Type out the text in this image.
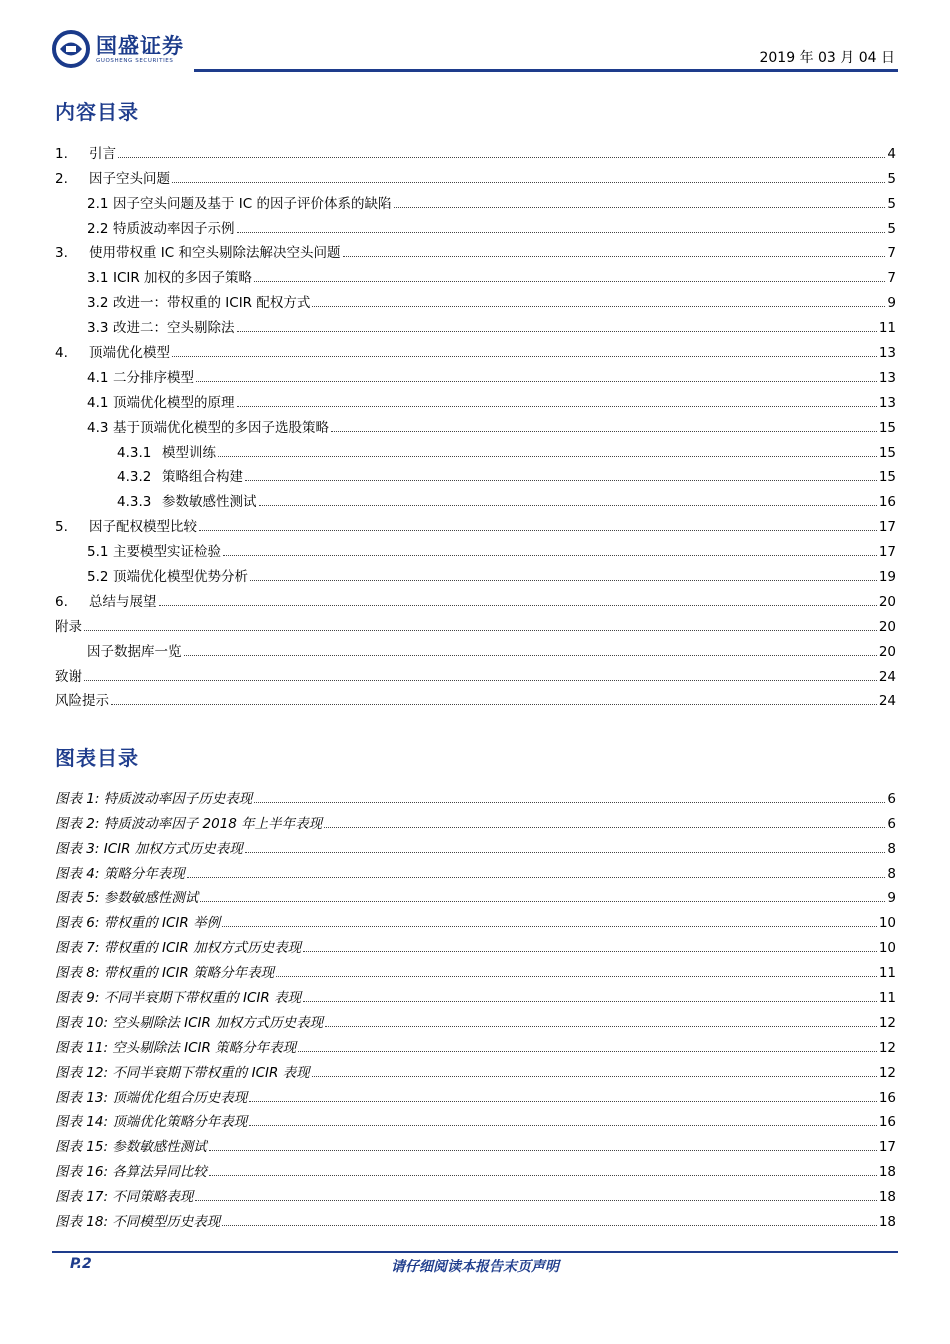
国盛证券
GUOSHENG SECURITIES	2019 年 03 月 04 日
内容目录
1.	引言	4
2.	因子空头问题	5
2.1 因子空头问题及基于 IC 的因子评价体系的缺陷	5
2.2 特质波动率因子示例	5
3.	使用带权重 IC 和空头剔除法解决空头问题	7
3.1 ICIR 加权的多因子策略	7
3.2 改进一：带权重的 ICIR 配权方式	9
3.3 改进二：空头剔除法	11
4.	顶端优化模型	13
4.1 二分排序模型	13
4.1 顶端优化模型的原理	13
4.3 基于顶端优化模型的多因子选股策略	15
4.3.1 模型训练	15
4.3.2 策略组合构建	15
4.3.3 参数敏感性测试	16
5.	因子配权模型比较	17
5.1 主要模型实证检验	17
5.2 顶端优化模型优势分析	19
6.	总结与展望	20
附录	20
因子数据库一览	20
致谢	24
风险提示	24
图表目录
图表 1: 特质波动率因子历史表现	6
图表 2: 特质波动率因子 2018 年上半年表现	6
图表 3: ICIR 加权方式历史表现	8
图表 4: 策略分年表现	8
图表 5: 参数敏感性测试	9
图表 6: 带权重的 ICIR 举例	10
图表 7: 带权重的 ICIR 加权方式历史表现	10
图表 8: 带权重的 ICIR 策略分年表现	11
图表 9: 不同半衰期下带权重的 ICIR 表现	11
图表 10: 空头剔除法 ICIR 加权方式历史表现	12
图表 11: 空头剔除法 ICIR 策略分年表现	12
图表 12: 不同半衰期下带权重的 ICIR 表现	12
图表 13: 顶端优化组合历史表现	16
图表 14: 顶端优化策略分年表现	16
图表 15: 参数敏感性测试	17
图表 16: 各算法异同比较	18
图表 17: 不同策略表现	18
图表 18: 不同模型历史表现	18
请仔细阅读本报告末页声明
P.2
